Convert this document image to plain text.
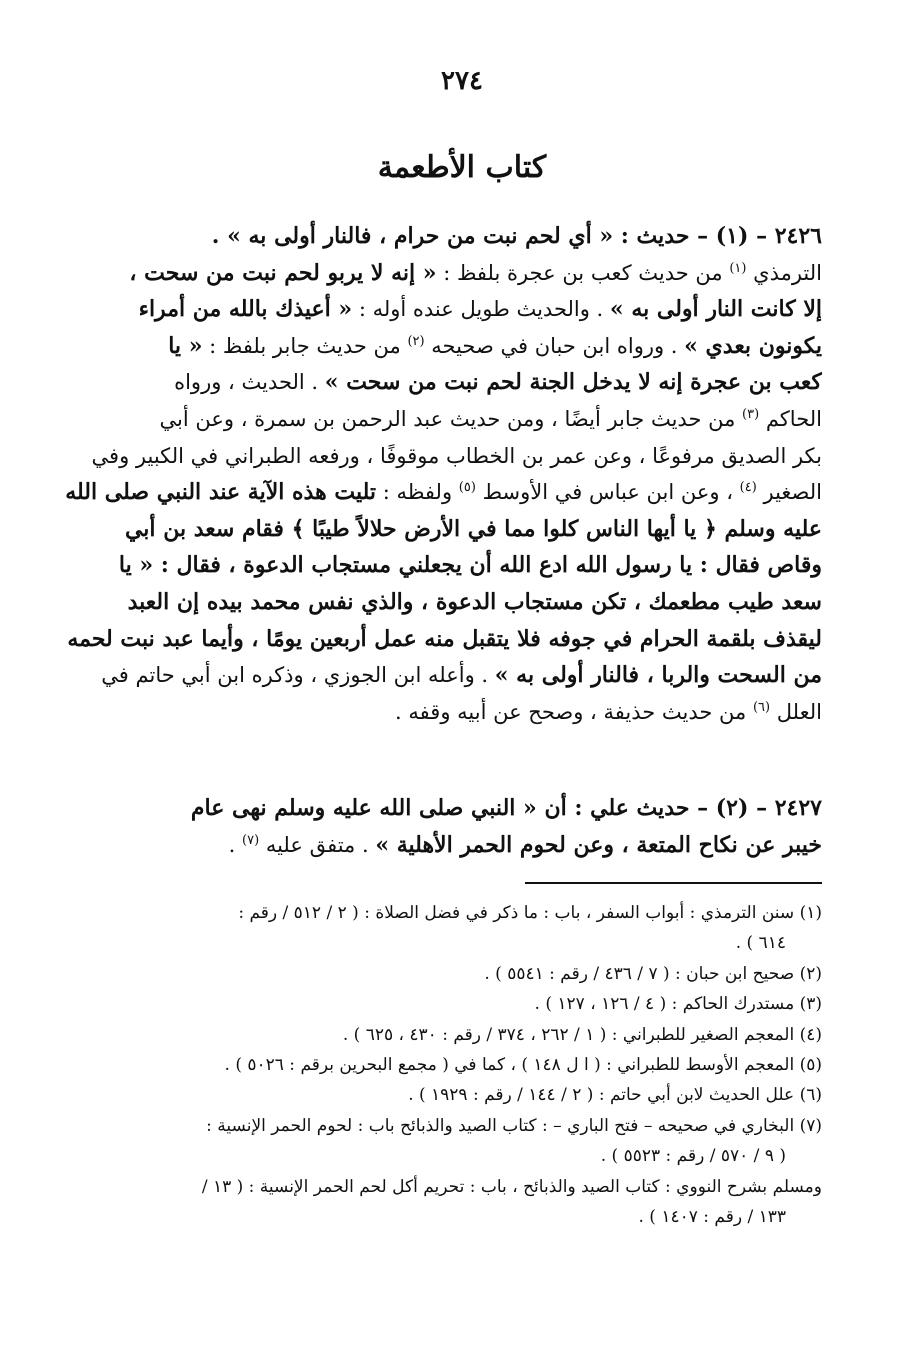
٢٧٤
كتاب الأطعمة
٢٤٢٦ – (١) – حديث : « أي لحم نبت من حرام ، فالنار أولى به » .
الترمذي $^{(١)}$ من حديث كعب بن عجرة بلفظ : « إنه لا يربو لحم نبت من سحت ،
إلا كانت النار أولى به » . والحديث طويل عنده أوله : « أعيذك بالله من أمراء
يكونون بعدي » . ورواه ابن حبان في صحيحه $^{(٢)}$ من حديث جابر بلفظ : « يا
كعب بن عجرة إنه لا يدخل الجنة لحم نبت من سحت » . الحديث ، ورواه
الحاكم $^{(٣)}$ من حديث جابر أيضًا ، ومن حديث عبد الرحمن بن سمرة ، وعن أبي
بكر الصديق مرفوعًا ، وعن عمر بن الخطاب موقوفًا ، ورفعه الطبراني في الكبير وفي
الصغير $^{(٤)}$ ، وعن ابن عباس في الأوسط $^{(٥)}$ ولفظه : تليت هذه الآية عند النبي صلى الله
عليه وسلم ﴿ يا أيها الناس كلوا مما في الأرض حلالاً طيبًا ﴾ فقام سعد بن أبي
وقاص فقال : يا رسول الله ادع الله أن يجعلني مستجاب الدعوة ، فقال : « يا
سعد طيب مطعمك ، تكن مستجاب الدعوة ، والذي نفس محمد بيده إن العبد
ليقذف بلقمة الحرام في جوفه فلا يتقبل منه عمل أربعين يومًا ، وأيما عبد نبت لحمه
من السحت والربا ، فالنار أولى به » . وأعله ابن الجوزي ، وذكره ابن أبي حاتم في
العلل $^{(٦)}$ من حديث حذيفة ، وصحح عن أبيه وقفه .
٢٤٢٧ – (٢) – حديث علي : أن « النبي صلى الله عليه وسلم نهى عام
خيبر عن نكاح المتعة ، وعن لحوم الحمر الأهلية » . متفق عليه $^{(٧)}$ .
(١) سنن الترمذي : أبواب السفر ، باب : ما ذكر في فضل الصلاة : ( ٢ / ٥١٢ / رقم :
٦١٤ ) .
(٢) صحيح ابن حبان : ( ٧ / ٤٣٦ / رقم : ٥٥٤١ ) .
(٣) مستدرك الحاكم : ( ٤ / ١٢٦ ، ١٢٧ ) .
(٤) المعجم الصغير للطبراني : ( ١ / ٢٦٢ ، ٣٧٤ / رقم : ٤٣٠ ، ٦٢٥ ) .
(٥) المعجم الأوسط للطبراني : ( ا ل ١٤٨ ) ، كما في ( مجمع البحرين برقم : ٥٠٢٦ ) .
(٦) علل الحديث لابن أبي حاتم : ( ٢ / ١٤٤ / رقم : ١٩٢٩ ) .
(٧) البخاري في صحيحه – فتح الباري – : كتاب الصيد والذبائح باب : لحوم الحمر الإنسية :
( ٩ / ٥٧٠ / رقم : ٥٥٢٣ ) .
ومسلم بشرح النووي : كتاب الصيد والذبائح ، باب : تحريم أكل لحم الحمر الإنسية : ( ١٣ /
١٣٣ / رقم : ١٤٠٧ ) .
